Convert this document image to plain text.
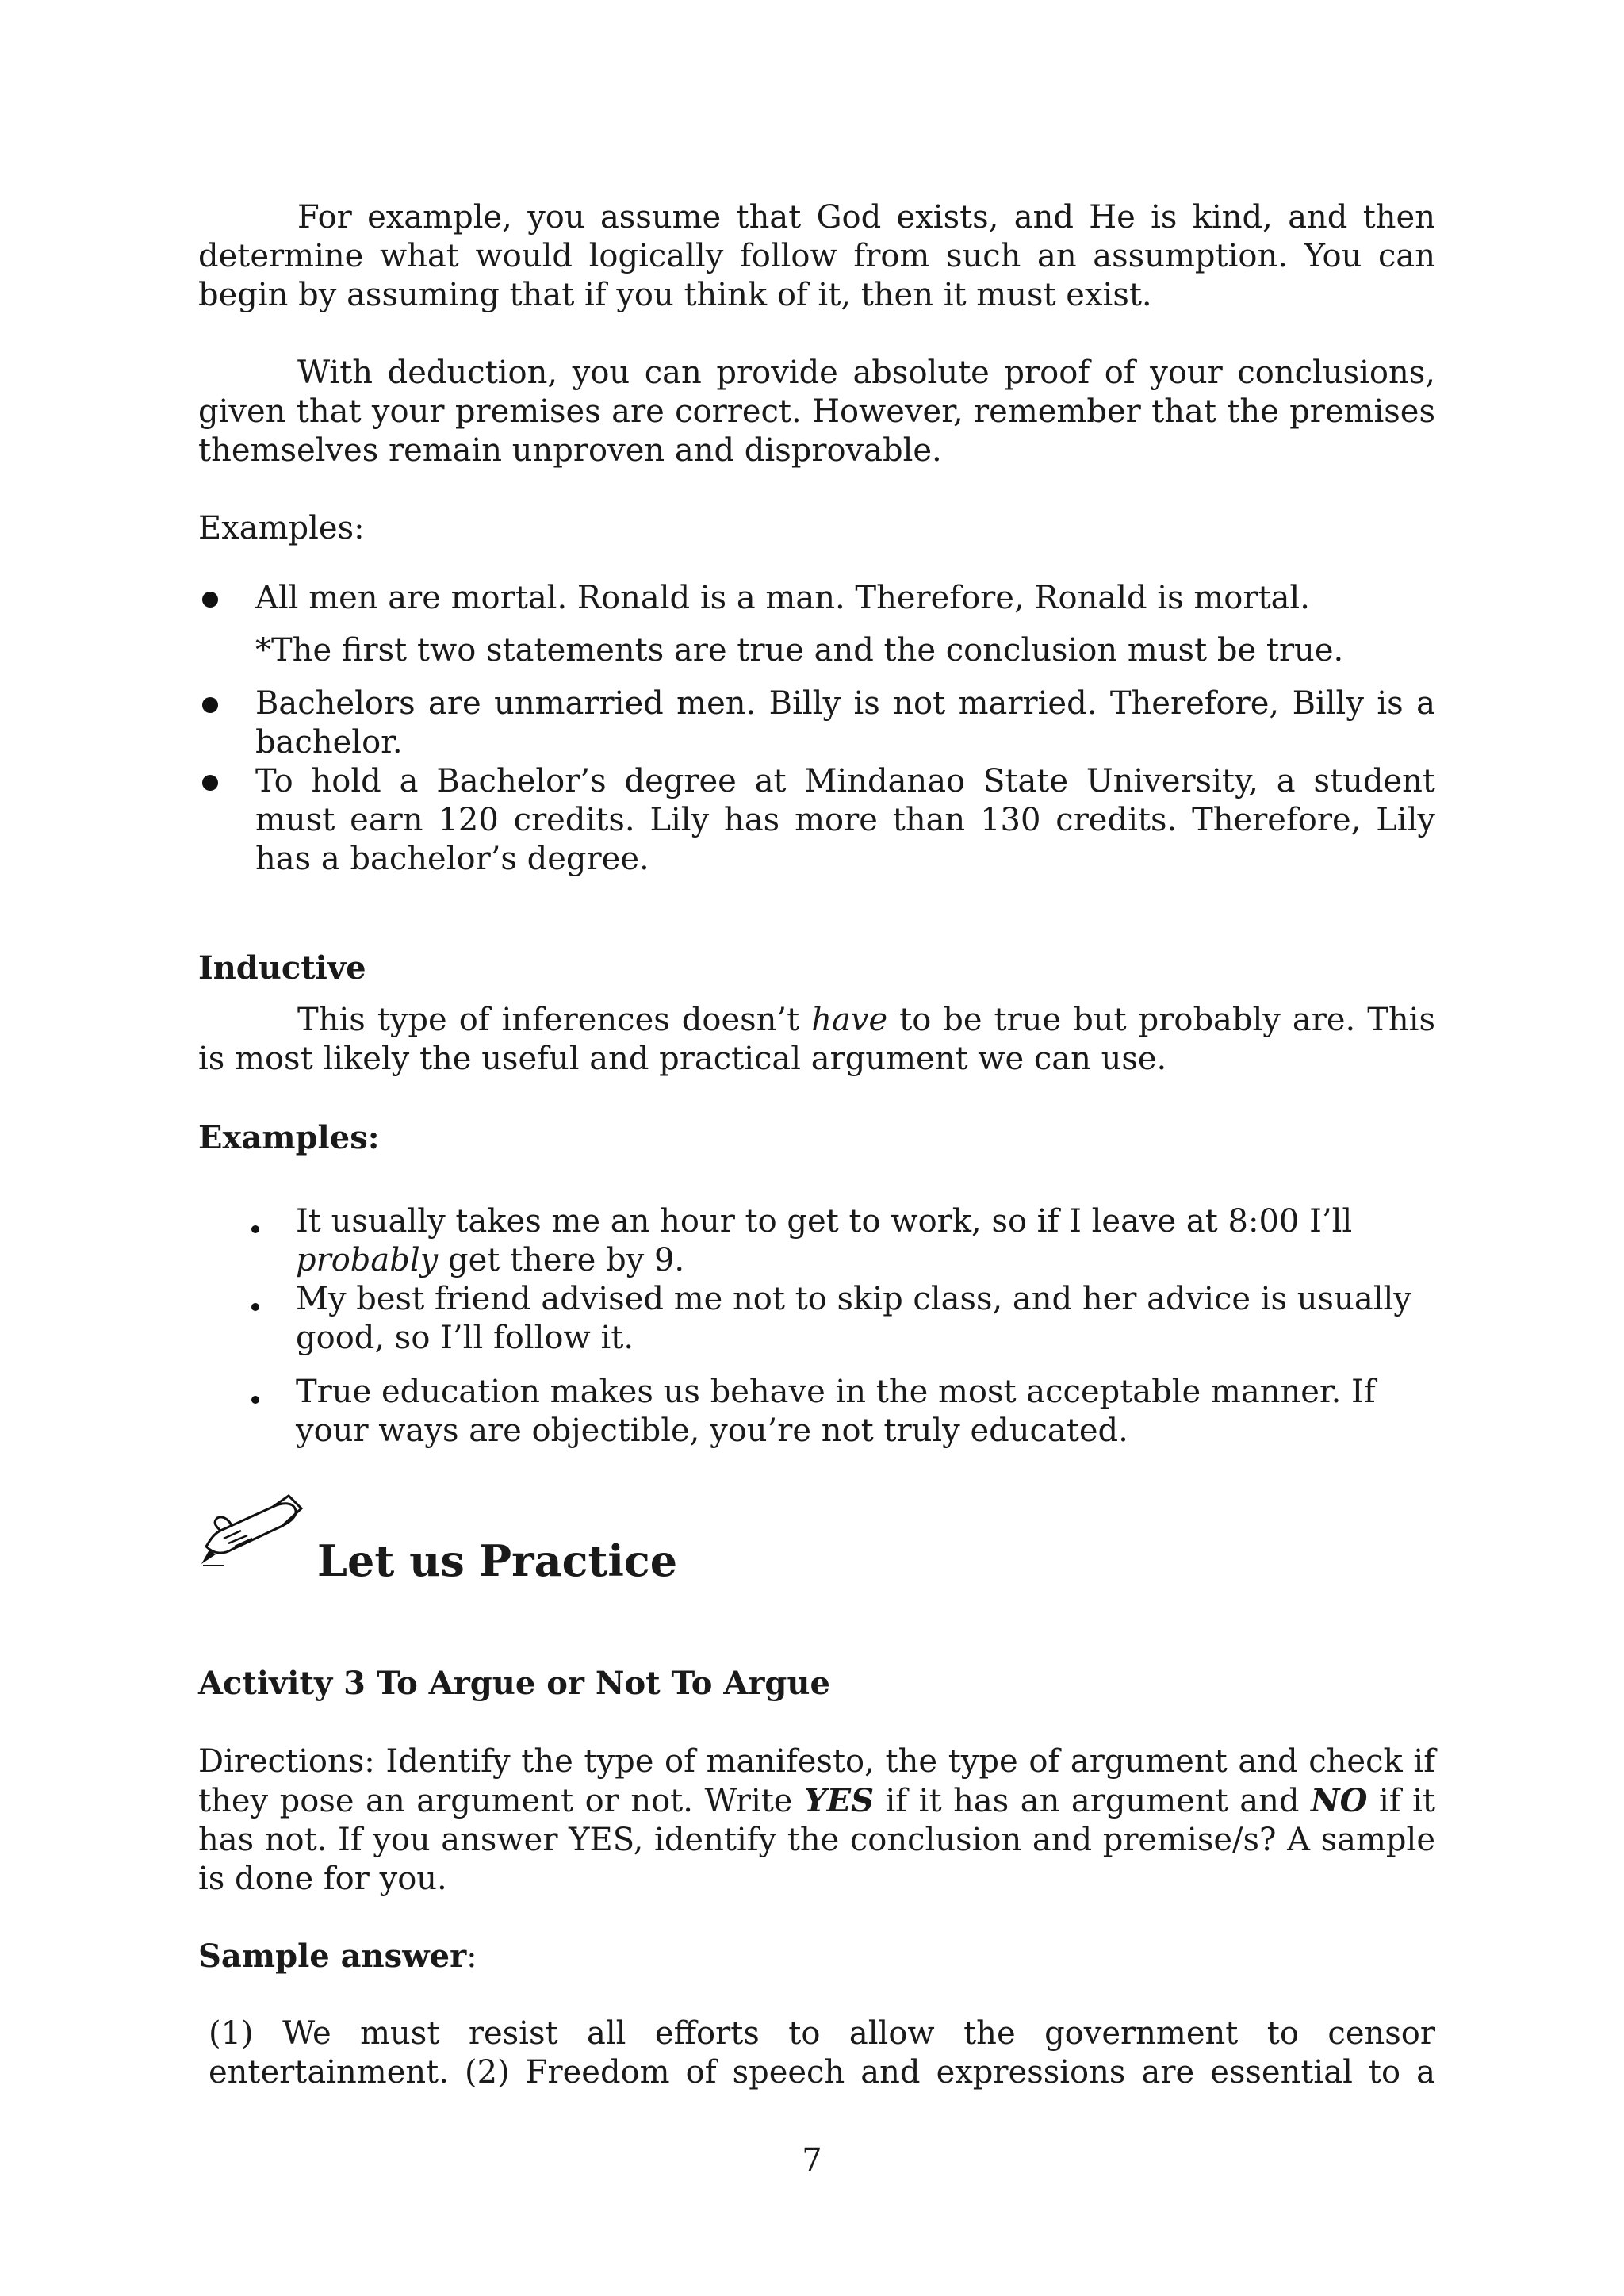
For example, you assume that God exists, and He is kind, and then determine what would logically follow from such an assumption. You can begin by assuming that if you think of it, then it must exist.

With deduction, you can provide absolute proof of your conclusions, given that your premises are correct. However, remember that the premises themselves remain unproven and disprovable.

Examples:

All men are mortal. Ronald is a man. Therefore, Ronald is mortal.

*The first two statements are true and the conclusion must be true.

Bachelors are unmarried men. Billy is not married. Therefore, Billy is a bachelor.

To hold a Bachelor’s degree at Mindanao State University, a student must earn 120 credits. Lily has more than 130 credits. Therefore, Lily has a bachelor’s degree.

Inductive

This type of inferences doesn’t have to be true but probably are. This is most likely the useful and practical argument we can use.

Examples:

It usually takes me an hour to get to work, so if I leave at 8:00 I’ll
probably get there by 9.

My best friend advised me not to skip class, and her advice is usually good, so I’ll follow it.

True education makes us behave in the most acceptable manner. If your ways are objectible, you’re not truly educated.

Let us Practice

Activity 3 To Argue or Not To Argue

Directions: Identify the type of manifesto, the type of argument and check if they pose an argument or not. Write YES if it has an argument and NO if it has not. If you answer YES, identify the conclusion and premise/s? A sample is done for you.

Sample answer:

(1) We must resist all efforts to allow the government to censor entertainment. (2) Freedom of speech and expressions are essential to a

7
